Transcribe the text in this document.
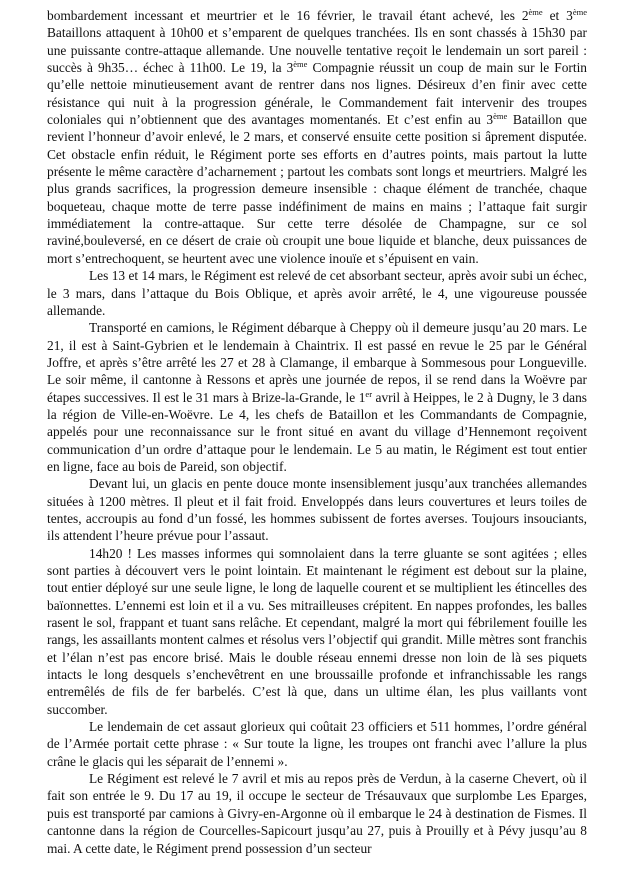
bombardement incessant et meurtrier et le 16 février, le travail étant achevé, les 2ème et 3ème Bataillons attaquent à 10h00 et s’emparent de quelques tranchées. Ils en sont chassés à 15h30 par une puissante contre-attaque allemande. Une nouvelle tentative reçoit le lendemain un sort pareil : succès à 9h35… échec à 11h00. Le 19, la 3ème Compagnie réussit un coup de main sur le Fortin qu’elle nettoie minutieusement avant de rentrer dans nos lignes. Désireux d’en finir avec cette résistance qui nuit à la progression générale, le Commandement fait intervenir des troupes coloniales qui n’obtiennent que des avantages momentanés. Et c’est enfin au 3ème Bataillon que revient l’honneur d’avoir enlevé, le 2 mars, et conservé ensuite cette position si âprement disputée. Cet obstacle enfin réduit, le Régiment porte ses efforts en d’autres points, mais partout la lutte présente le même caractère d’acharnement ; partout les combats sont longs et meurtriers. Malgré les plus grands sacrifices, la progression demeure insensible : chaque élément de tranchée, chaque boqueteau, chaque motte de terre passe indéfiniment de mains en mains ; l’attaque fait surgir immédiatement la contre-attaque. Sur cette terre désolée de Champagne, sur ce sol raviné,bouleversé, en ce désert de craie où croupit une boue liquide et blanche, deux puissances de mort s’entrechoquent, se heurtent avec une violence inouïe et s’épuisent en vain.

Les 13 et 14 mars, le Régiment est relevé de cet absorbant secteur, après avoir subi un échec, le 3 mars, dans l’attaque du Bois Oblique, et après avoir arrêté, le 4, une vigoureuse poussée allemande.

Transporté en camions, le Régiment débarque à Cheppy où il demeure jusqu’au 20 mars. Le 21, il est à Saint-Gybrien et le lendemain à Chaintrix. Il est passé en revue le 25 par le Général Joffre, et après s’être arrêté les 27 et 28 à Clamange, il embarque à Sommesous pour Longueville. Le soir même, il cantonne à Ressons et après une journée de repos, il se rend dans la Woëvre par étapes successives. Il est le 31 mars à Brize-la-Grande, le 1er avril à Heippes, le 2 à Dugny, le 3 dans la région de Ville-en-Woëvre. Le 4, les chefs de Bataillon et les Commandants de Compagnie, appelés pour une reconnaissance sur le front situé en avant du village d’Hennemont reçoivent communication d’un ordre d’attaque pour le lendemain. Le 5 au matin, le Régiment est tout entier en ligne, face au bois de Pareid, son objectif.

Devant lui, un glacis en pente douce monte insensiblement jusqu’aux tranchées allemandes situées à 1200 mètres. Il pleut et il fait froid. Enveloppés dans leurs couvertures et leurs toiles de tentes, accroupis au fond d’un fossé, les hommes subissent de fortes averses. Toujours insouciants, ils attendent l’heure prévue pour l’assaut.

14h20 ! Les masses informes qui somnolaient dans la terre gluante se sont agitées ; elles sont parties à découvert vers le point lointain. Et maintenant le régiment est debout sur la plaine, tout entier déployé sur une seule ligne, le long de laquelle courent et se multiplient les étincelles des baïonnettes. L’ennemi est loin et il a vu. Ses mitrailleuses crépitent. En nappes profondes, les balles rasent le sol, frappant et tuant sans relâche. Et cependant, malgré la mort qui fébrilement fouille les rangs, les assaillants montent calmes et résolus vers l’objectif qui grandit. Mille mètres sont franchis et l’élan n’est pas encore brisé. Mais le double réseau ennemi dresse non loin de là ses piquets intacts le long desquels s’enchevêtrent en une broussaille profonde et infranchissable les rangs entremêlés de fils de fer barbelés. C’est là que, dans un ultime élan, les plus vaillants vont succomber.

Le lendemain de cet assaut glorieux qui coûtait 23 officiers et 511 hommes, l’ordre général de l’Armée portait cette phrase : « Sur toute la ligne, les troupes ont franchi avec l’allure la plus crâne le glacis qui les séparait de l’ennemi ».

Le Régiment est relevé le 7 avril et mis au repos près de Verdun, à la caserne Chevert, où il fait son entrée le 9. Du 17 au 19, il occupe le secteur de Trésauvaux que surplombe Les Eparges, puis est transporté par camions à Givry-en-Argonne où il embarque le 24 à destination de Fismes. Il cantonne dans la région de Courcelles-Sapicourt jusqu’au 27, puis à Prouilly et à Pévy jusqu’au 8 mai. A cette date, le Régiment prend possession d’un secteur
